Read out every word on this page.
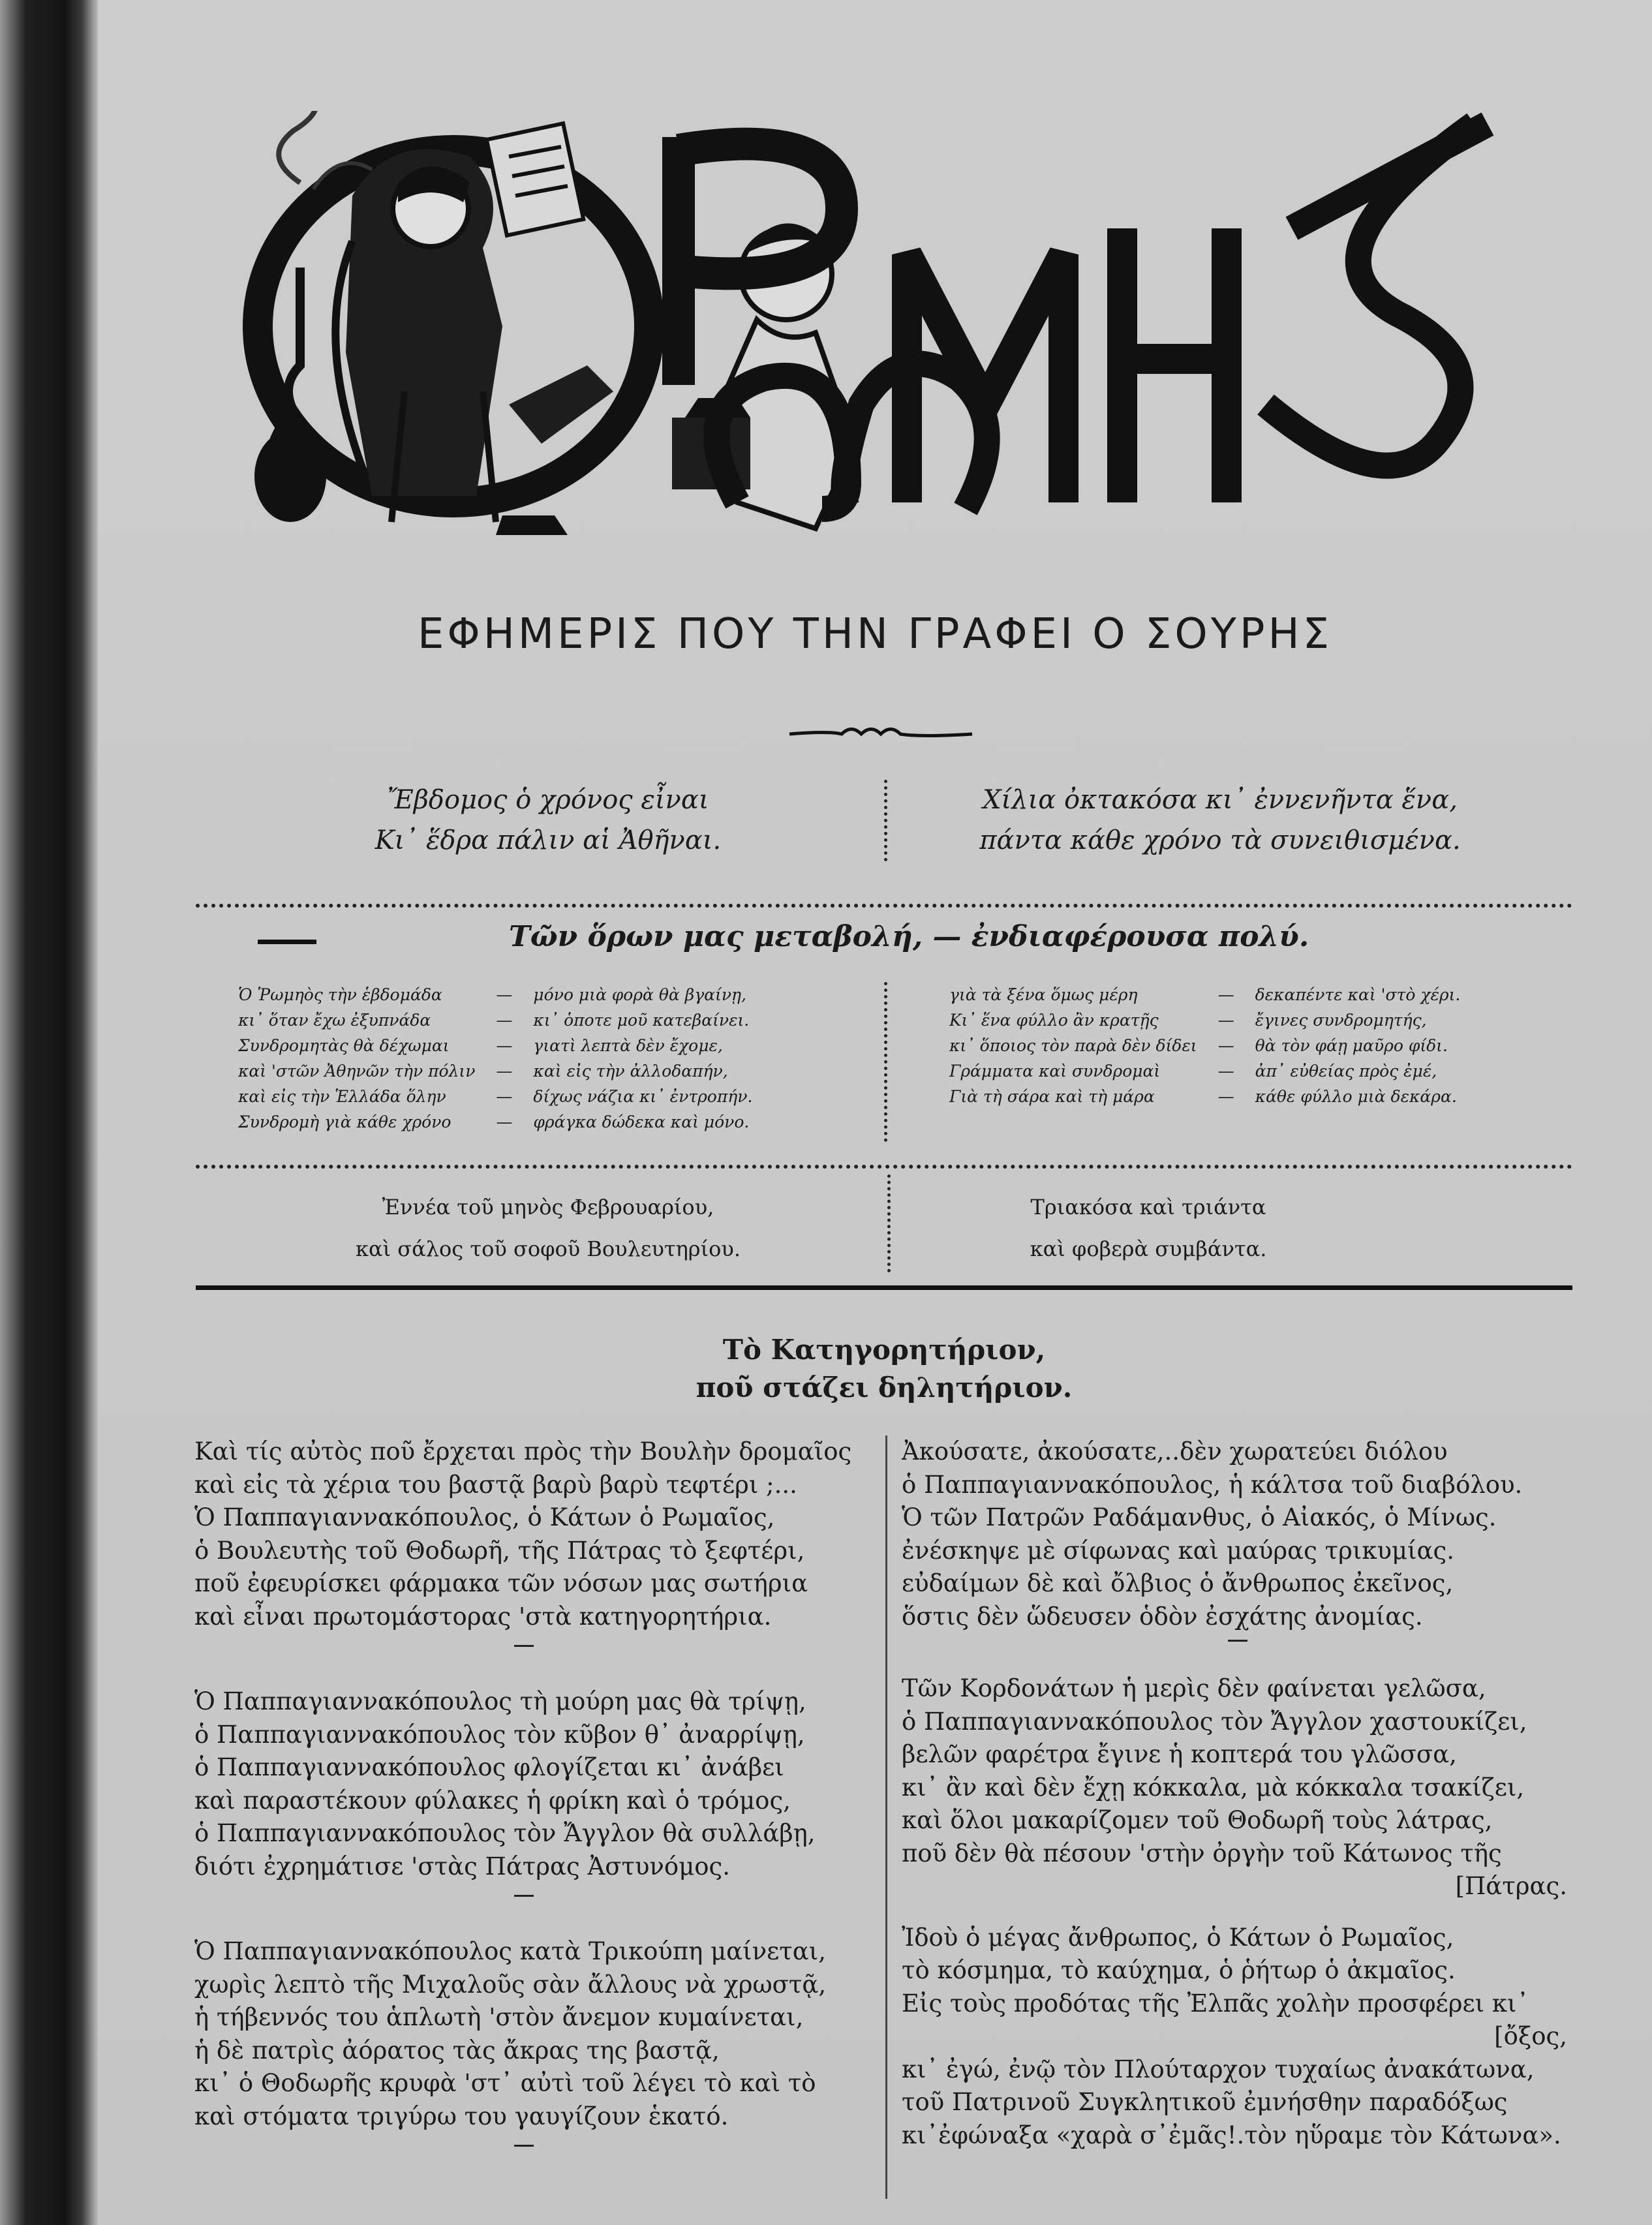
ΕΦΗΜΕΡΙΣ ΠΟΥ ΤΗΝ ΓΡΑΦΕΙ Ο ΣΟΥΡΗΣ
Ἔβδομος ὁ χρόνος εἶναι
Κι᾿ ἕδρα πάλιν αἱ Ἀθῆναι.
Χίλια ὀκτακόσα κι᾿ ἐννενῆντα ἕνα,
πάντα κάθε χρόνο τὰ συνειθισμένα.
Τῶν ὅρων μας μεταβολή, — ἐνδιαφέρουσα πολύ.
Ὁ Ῥωμηὸς τὴν ἑβδομάδα	—	μόνο μιὰ φορὰ θὰ βγαίνῃ,
κι᾿ ὅταν ἔχω ἐξυπνάδα	—	κι᾿ ὁποτε μοῦ κατεβαίνει.
Συνδρομητὰς θὰ δέχωμαι	—	γιατὶ λεπτὰ δὲν ἔχομε,
καὶ 'στῶν Ἀθηνῶν τὴν πόλιν	—	καὶ εἰς τὴν ἀλλοδαπήν,
καὶ εἰς τὴν Ἑλλάδα ὅλην	—	δίχως νάζια κι᾿ ἐντροπήν.
Συνδρομὴ γιὰ κάθε χρόνο	—	φράγκα δώδεκα καὶ μόνο.
γιὰ τὰ ξένα ὅμως μέρη	—	δεκαπέντε καὶ 'στὸ χέρι.
Κι᾿ ἕνα φύλλο ἂν κρατῇς	—	ἔγινες συνδρομητής,
κι᾿ ὅποιος τὸν παρὰ δὲν δίδει	—	θὰ τὸν φάῃ μαῦρο φίδι.
Γράμματα καὶ συνδρομαὶ	—	ἀπ᾿ εὐθείας πρὸς ἐμέ,
Γιὰ τὴ σάρα καὶ τὴ μάρα	—	κάθε φύλλο μιὰ δεκάρα.
Ἐννέα τοῦ μηνὸς Φεβρουαρίου,
καὶ σάλος τοῦ σοφοῦ Βουλευτηρίου.
Τριακόσα καὶ τριάντα
καὶ φοβερὰ συμβάντα.
Τὸ Κατηγορητήριον,
ποῦ στάζει δηλητήριον.
Καὶ τίς αὐτὸς ποῦ ἔρχεται πρὸς τὴν Βουλὴν δρομαῖος
καὶ εἰς τὰ χέρια του βαστᾷ βαρὺ βαρὺ τεφτέρι ;...
Ὁ Παππαγιαννακόπουλος, ὁ Κάτων ὁ Ρωμαῖος,
ὁ Βουλευτὴς τοῦ Θοδωρῆ, τῆς Πάτρας τὸ ξεφτέρι,
ποῦ ἐφευρίσκει φάρμακα τῶν νόσων μας σωτήρια
καὶ εἶναι πρωτομάστορας 'στὰ κατηγορητήρια.
Ὁ Παππαγιαννακόπουλος τὴ μούρη μας θὰ τρίψῃ,
ὁ Παππαγιαννακόπουλος τὸν κῦβον θ᾿ ἀναρρίψῃ,
ὁ Παππαγιαννακόπουλος φλογίζεται κι᾿ ἀνάβει
καὶ παραστέκουν φύλακες ἡ φρίκη καὶ ὁ τρόμος,
ὁ Παππαγιαννακόπουλος τὸν Ἄγγλον θὰ συλλάβῃ,
διότι ἐχρημάτισε 'στὰς Πάτρας Ἀστυνόμος.
Ὁ Παππαγιαννακόπουλος κατὰ Τρικούπη μαίνεται,
χωρὶς λεπτὸ τῆς Μιχαλοῦς σὰν ἄλλους νὰ χρωστᾷ,
ἡ τήβεννός του ἁπλωτὴ 'στὸν ἄνεμον κυμαίνεται,
ἡ δὲ πατρὶς ἀόρατος τὰς ἄκρας της βαστᾷ,
κι᾿ ὁ Θοδωρῆς κρυφὰ 'στ᾿ αὐτὶ τοῦ λέγει τὸ καὶ τὸ
καὶ στόματα τριγύρω του γαυγίζουν ἑκατό.
Ἀκούσατε, ἀκούσατε,..δὲν χωρατεύει διόλου
ὁ Παππαγιαννακόπουλος, ἡ κάλτσα τοῦ διαβόλου.
Ὁ τῶν Πατρῶν Ραδάμανθυς, ὁ Αἰακός, ὁ Μίνως.
ἐνέσκηψε μὲ σίφωνας καὶ μαύρας τρικυμίας.
εὐδαίμων δὲ καὶ ὄλβιος ὁ ἄνθρωπος ἐκεῖνος,
ὅστις δὲν ὥδευσεν ὁδὸν ἐσχάτης ἀνομίας.
Τῶν Κορδονάτων ἡ μερὶς δὲν φαίνεται γελῶσα,
ὁ Παππαγιαννακόπουλος τὸν Ἄγγλον χαστουκίζει,
βελῶν φαρέτρα ἔγινε ἡ κοπτερά του γλῶσσα,
κι᾿ ἂν καὶ δὲν ἔχῃ κόκκαλα, μὰ κόκκαλα τσακίζει,
καὶ ὅλοι μακαρίζομεν τοῦ Θοδωρῆ τοὺς λάτρας,
ποῦ δὲν θὰ πέσουν 'στὴν ὀργὴν τοῦ Κάτωνος τῆς
[Πάτρας.
Ἰδοὺ ὁ μέγας ἄνθρωπος, ὁ Κάτων ὁ Ρωμαῖος,
τὸ κόσμημα, τὸ καύχημα, ὁ ῥήτωρ ὁ ἀκμαῖος.
Εἰς τοὺς προδότας τῆς Ἐλπᾶς χολὴν προσφέρει κι᾿
[ὄξος,
κι᾿ ἐγώ, ἐνῷ τὸν Πλούταρχον τυχαίως ἀνακάτωνα,
τοῦ Πατρινοῦ Συγκλητικοῦ ἐμνήσθην παραδόξως
κι᾿ἐφώναξα «χαρὰ σ᾿ἐμᾶς!.τὸν ηὕραμε τὸν Κάτωνα».
